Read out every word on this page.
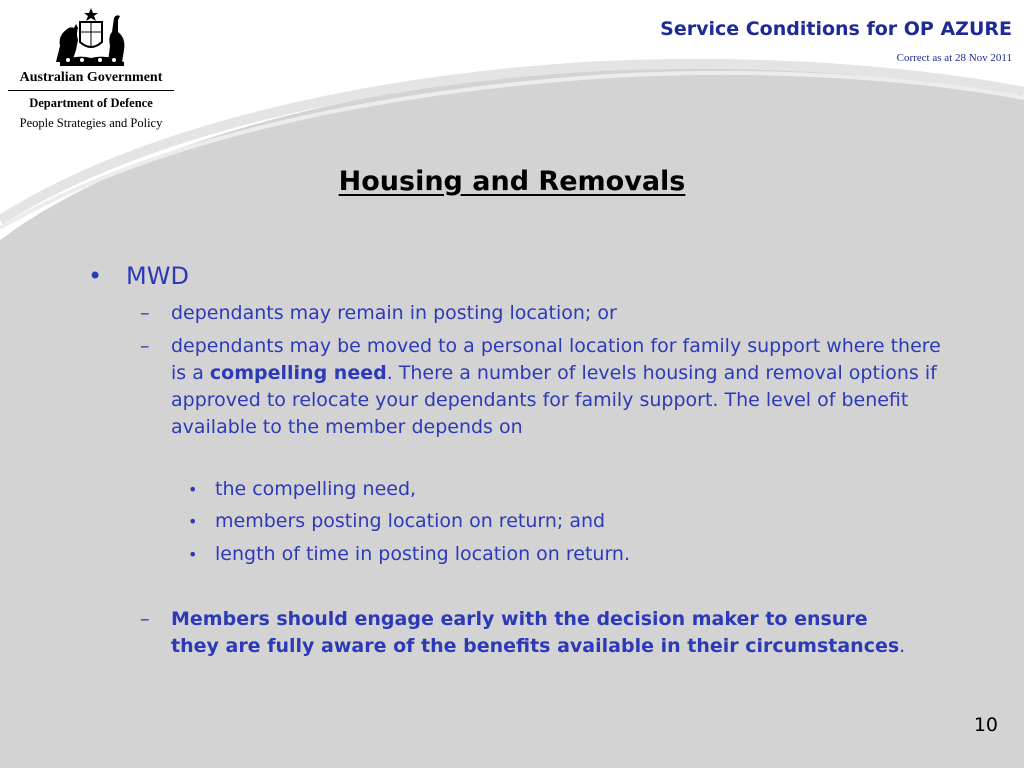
Australian Government
Department of Defence
People Strategies and Policy
Service Conditions for OP AZURE
Correct as at 28 Nov 2011
Housing and Removals
• MWD
– dependants may remain in posting location; or
– dependants may be moved to a personal location for family support where there is a compelling need. There a number of levels housing and removal options if approved to relocate your dependants for family support. The level of benefit available to the member depends on
• the compelling need,
• members posting location on return; and
• length of time in posting location on return.
– Members should engage early with the decision maker to ensure they are fully aware of the benefits available in their circumstances.
10
